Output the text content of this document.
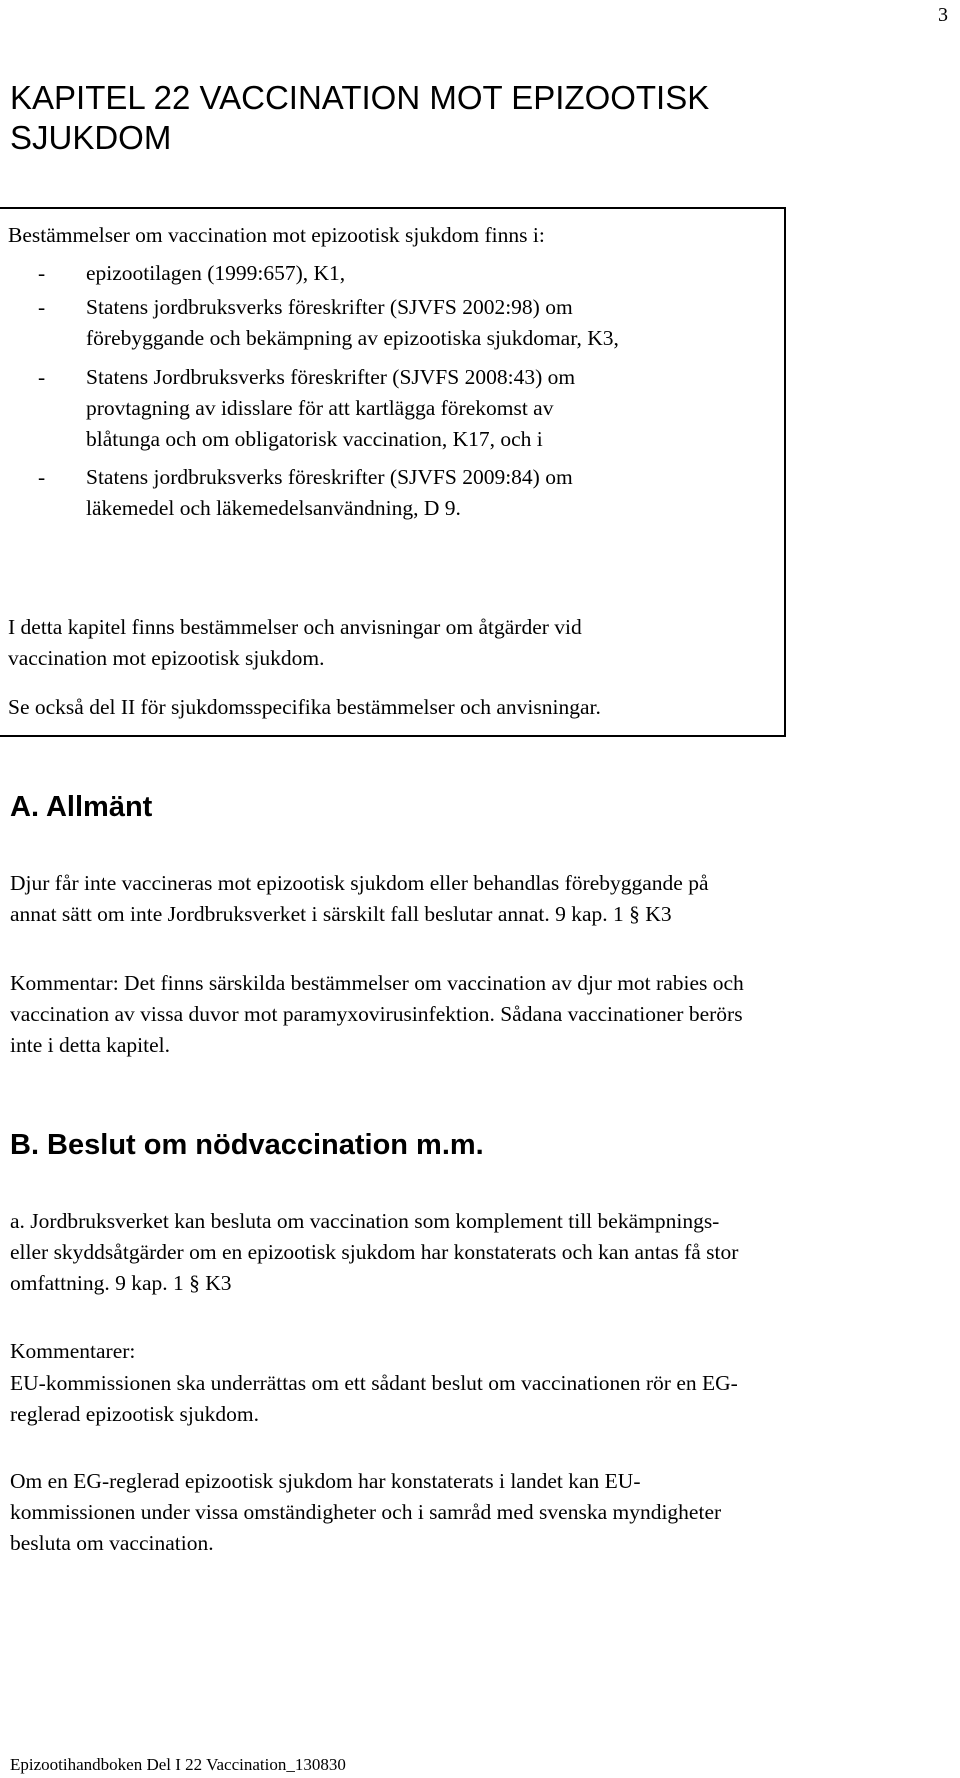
3
KAPITEL 22 VACCINATION MOT EPIZOOTISK
SJUKDOM
Bestämmelser om vaccination mot epizootisk sjukdom finns i:
- epizootilagen (1999:657), K1,
- Statens jordbruksverks föreskrifter (SJVFS 2002:98) om
förebyggande och bekämpning av epizootiska sjukdomar, K3,
- Statens Jordbruksverks föreskrifter (SJVFS 2008:43) om
provtagning av idisslare för att kartlägga förekomst av
blåtunga och om obligatorisk vaccination, K17, och i
- Statens jordbruksverks föreskrifter (SJVFS 2009:84) om
läkemedel och läkemedelsanvändning, D 9.
I detta kapitel finns bestämmelser och anvisningar om åtgärder vid
vaccination mot epizootisk sjukdom.
Se också del II för sjukdomsspecifika bestämmelser och anvisningar.
A. Allmänt
Djur får inte vaccineras mot epizootisk sjukdom eller behandlas förebyggande på
annat sätt om inte Jordbruksverket i särskilt fall beslutar annat. 9 kap. 1 § K3
Kommentar: Det finns särskilda bestämmelser om vaccination av djur mot rabies och
vaccination av vissa duvor mot paramyxovirusinfektion. Sådana vaccinationer berörs
inte i detta kapitel.
B. Beslut om nödvaccination m.m.
a. Jordbruksverket kan besluta om vaccination som komplement till bekämpnings-
eller skyddsåtgärder om en epizootisk sjukdom har konstaterats och kan antas få stor
omfattning. 9 kap. 1 § K3
Kommentarer:
EU-kommissionen ska underrättas om ett sådant beslut om vaccinationen rör en EG-
reglerad epizootisk sjukdom.
Om en EG-reglerad epizootisk sjukdom har konstaterats i landet kan EU-
kommissionen under vissa omständigheter och i samråd med svenska myndigheter
besluta om vaccination.
Epizootihandboken Del I 22 Vaccination_130830
